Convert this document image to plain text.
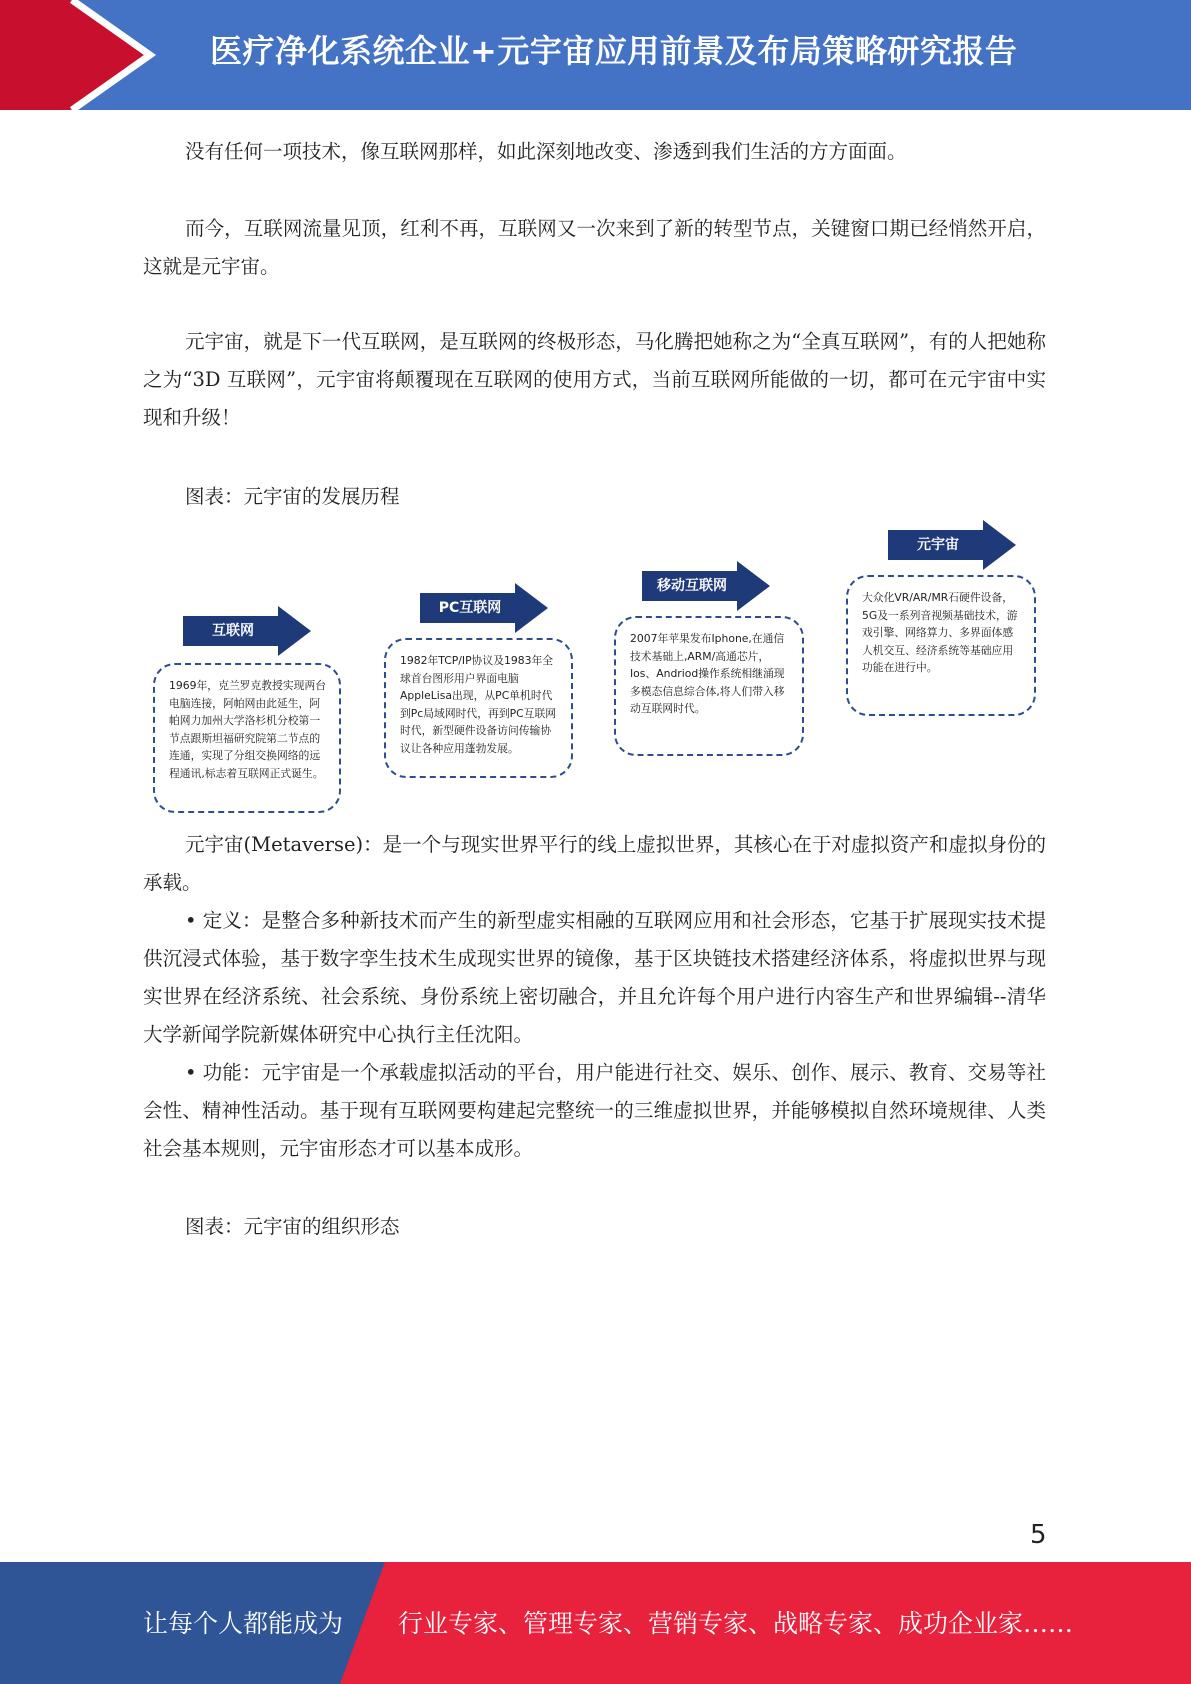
医疗净化系统企业+元宇宙应用前景及布局策略研究报告
没有任何一项技术，像互联网那样，如此深刻地改变、渗透到我们生活的方方面面。
而今，互联网流量见顶，红利不再，互联网又一次来到了新的转型节点，关键窗口期已经悄然开启，这就是元宇宙。
元宇宙，就是下一代互联网，是互联网的终极形态，马化腾把她称之为“全真互联网”，有的人把她称之为“3D 互联网”，元宇宙将颠覆现在互联网的使用方式，当前互联网所能做的一切，都可在元宇宙中实现和升级！
图表：元宇宙的发展历程
互联网
1969年，克兰罗克教授实现两台电脑连接，阿帕网由此延生，阿帕网力加州大学洛杉机分校第一节点跟斯坦福研究院第二节点的连通，实现了分组交换网络的远程通讯,标志着互联网正式诞生。
PC互联网
1982年TCP/IP协议及1983年全球首台图形用户界面电脑AppleLisa出现，从PC单机时代到Pc局域网时代，再到PC互联网时代，新型硬件设备访问传输协议让各种应用蓬勃发展。
移动互联网
2007年苹果发布Iphone,在通信技术基础上,ARM/高通芯片，Ios、Andriod操作系统相继涌现多模态信息综合体,将人们带入移动互联网时代。
元宇宙
大众化VR/AR/MR石硬件设备，5G及一系列音视频基础技术，游戏引擎、网络算力、多界面体感人机交互、经济系统等基础应用功能在进行中。
元宇宙(Metaverse)：是一个与现实世界平行的线上虚拟世界，其核心在于对虚拟资产和虚拟身份的承载。
• 定义：是整合多种新技术而产生的新型虚实相融的互联网应用和社会形态，它基于扩展现实技术提供沉浸式体验，基于数字孪生技术生成现实世界的镜像，基于区块链技术搭建经济体系，将虚拟世界与现实世界在经济系统、社会系统、身份系统上密切融合，并且允许每个用户进行内容生产和世界编辑--清华大学新闻学院新媒体研究中心执行主任沈阳。
• 功能：元宇宙是一个承载虚拟活动的平台，用户能进行社交、娱乐、创作、展示、教育、交易等社会性、精神性活动。基于现有互联网要构建起完整统一的三维虚拟世界，并能够模拟自然环境规律、人类社会基本规则，元宇宙形态才可以基本成形。
图表：元宇宙的组织形态
5
让每个人都能成为 行业专家、管理专家、营销专家、战略专家、成功企业家……
